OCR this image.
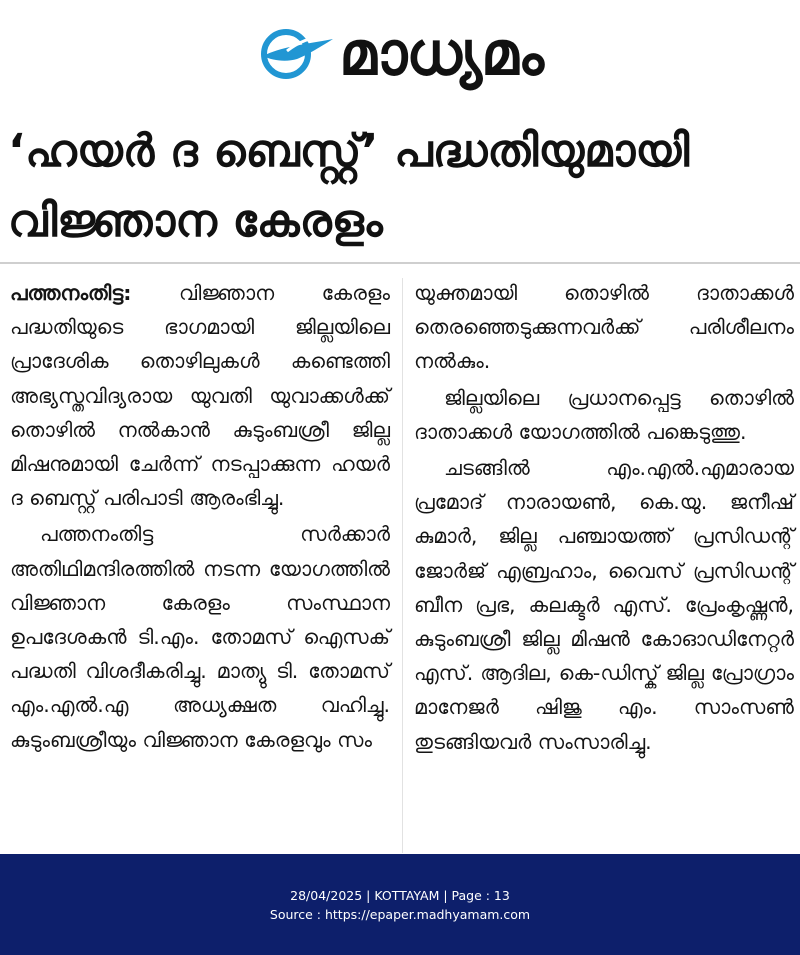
മാധ്യമം
‘ഹയർ ദ ബെസ്റ്റ്’ പദ്ധതിയുമായി
വിജ്ഞാന കേരളം

പത്തനംതിട്ട: വിജ്ഞാന കേരളം പദ്ധതിയുടെ ഭാഗമായി ജില്ലയിലെ പ്രാദേശിക തൊഴിലുകൾ കണ്ടെത്തി അഭ്യസ്തവിദ്യരായ യുവതി യുവാക്കൾക്ക് തൊഴിൽ നൽകാൻ കുടുംബശ്രീ ജില്ല മിഷനുമായി ചേർന്ന് നടപ്പാക്കുന്ന ഹയർ ദ ബെസ്റ്റ് പരിപാടി ആരംഭിച്ചു.

പത്തനംതിട്ട സർക്കാർ അതിഥിമന്ദിരത്തിൽ നടന്ന യോഗത്തിൽ വിജ്ഞാന കേരളം സംസ്ഥാന ഉപദേശകൻ ടി.എം. തോമസ് ഐസക് പദ്ധതി വിശദീകരിച്ചു. മാത്യു ടി. തോമസ് എം.എൽ.എ അധ്യക്ഷത വഹിച്ചു. കുടുംബശ്രീയും വിജ്ഞാന കേരളവും സം

യുക്തമായി തൊഴിൽ ദാതാക്കൾ തെരഞ്ഞെടുക്കുന്നവർക്ക് പരിശീലനം നൽകും.

ജില്ലയിലെ പ്രധാനപ്പെട്ട തൊഴിൽ ദാതാക്കൾ യോഗത്തിൽ പങ്കെടുത്തു.

ചടങ്ങിൽ എം.എൽ.എമാരായ പ്രമോദ് നാരായൺ, കെ.യു. ജനീഷ് കുമാർ, ജില്ല പഞ്ചായത്ത് പ്രസിഡന്റ് ജോർജ് എബ്രഹാം, വൈസ് പ്രസിഡന്റ് ബീന പ്രഭ, കലക്ടർ എസ്. പ്രേംകൃഷ്ണൻ, കുടുംബശ്രീ ജില്ല മിഷൻ കോഓഡിനേറ്റർ എസ്. ആദില, കെ-ഡിസ്ക് ജില്ല പ്രോഗ്രാം മാനേജർ ഷിജു എം. സാംസൺ തുടങ്ങിയവർ സംസാരിച്ചു.

28/04/2025 | KOTTAYAM | Page : 13
Source : https://epaper.madhyamam.com
